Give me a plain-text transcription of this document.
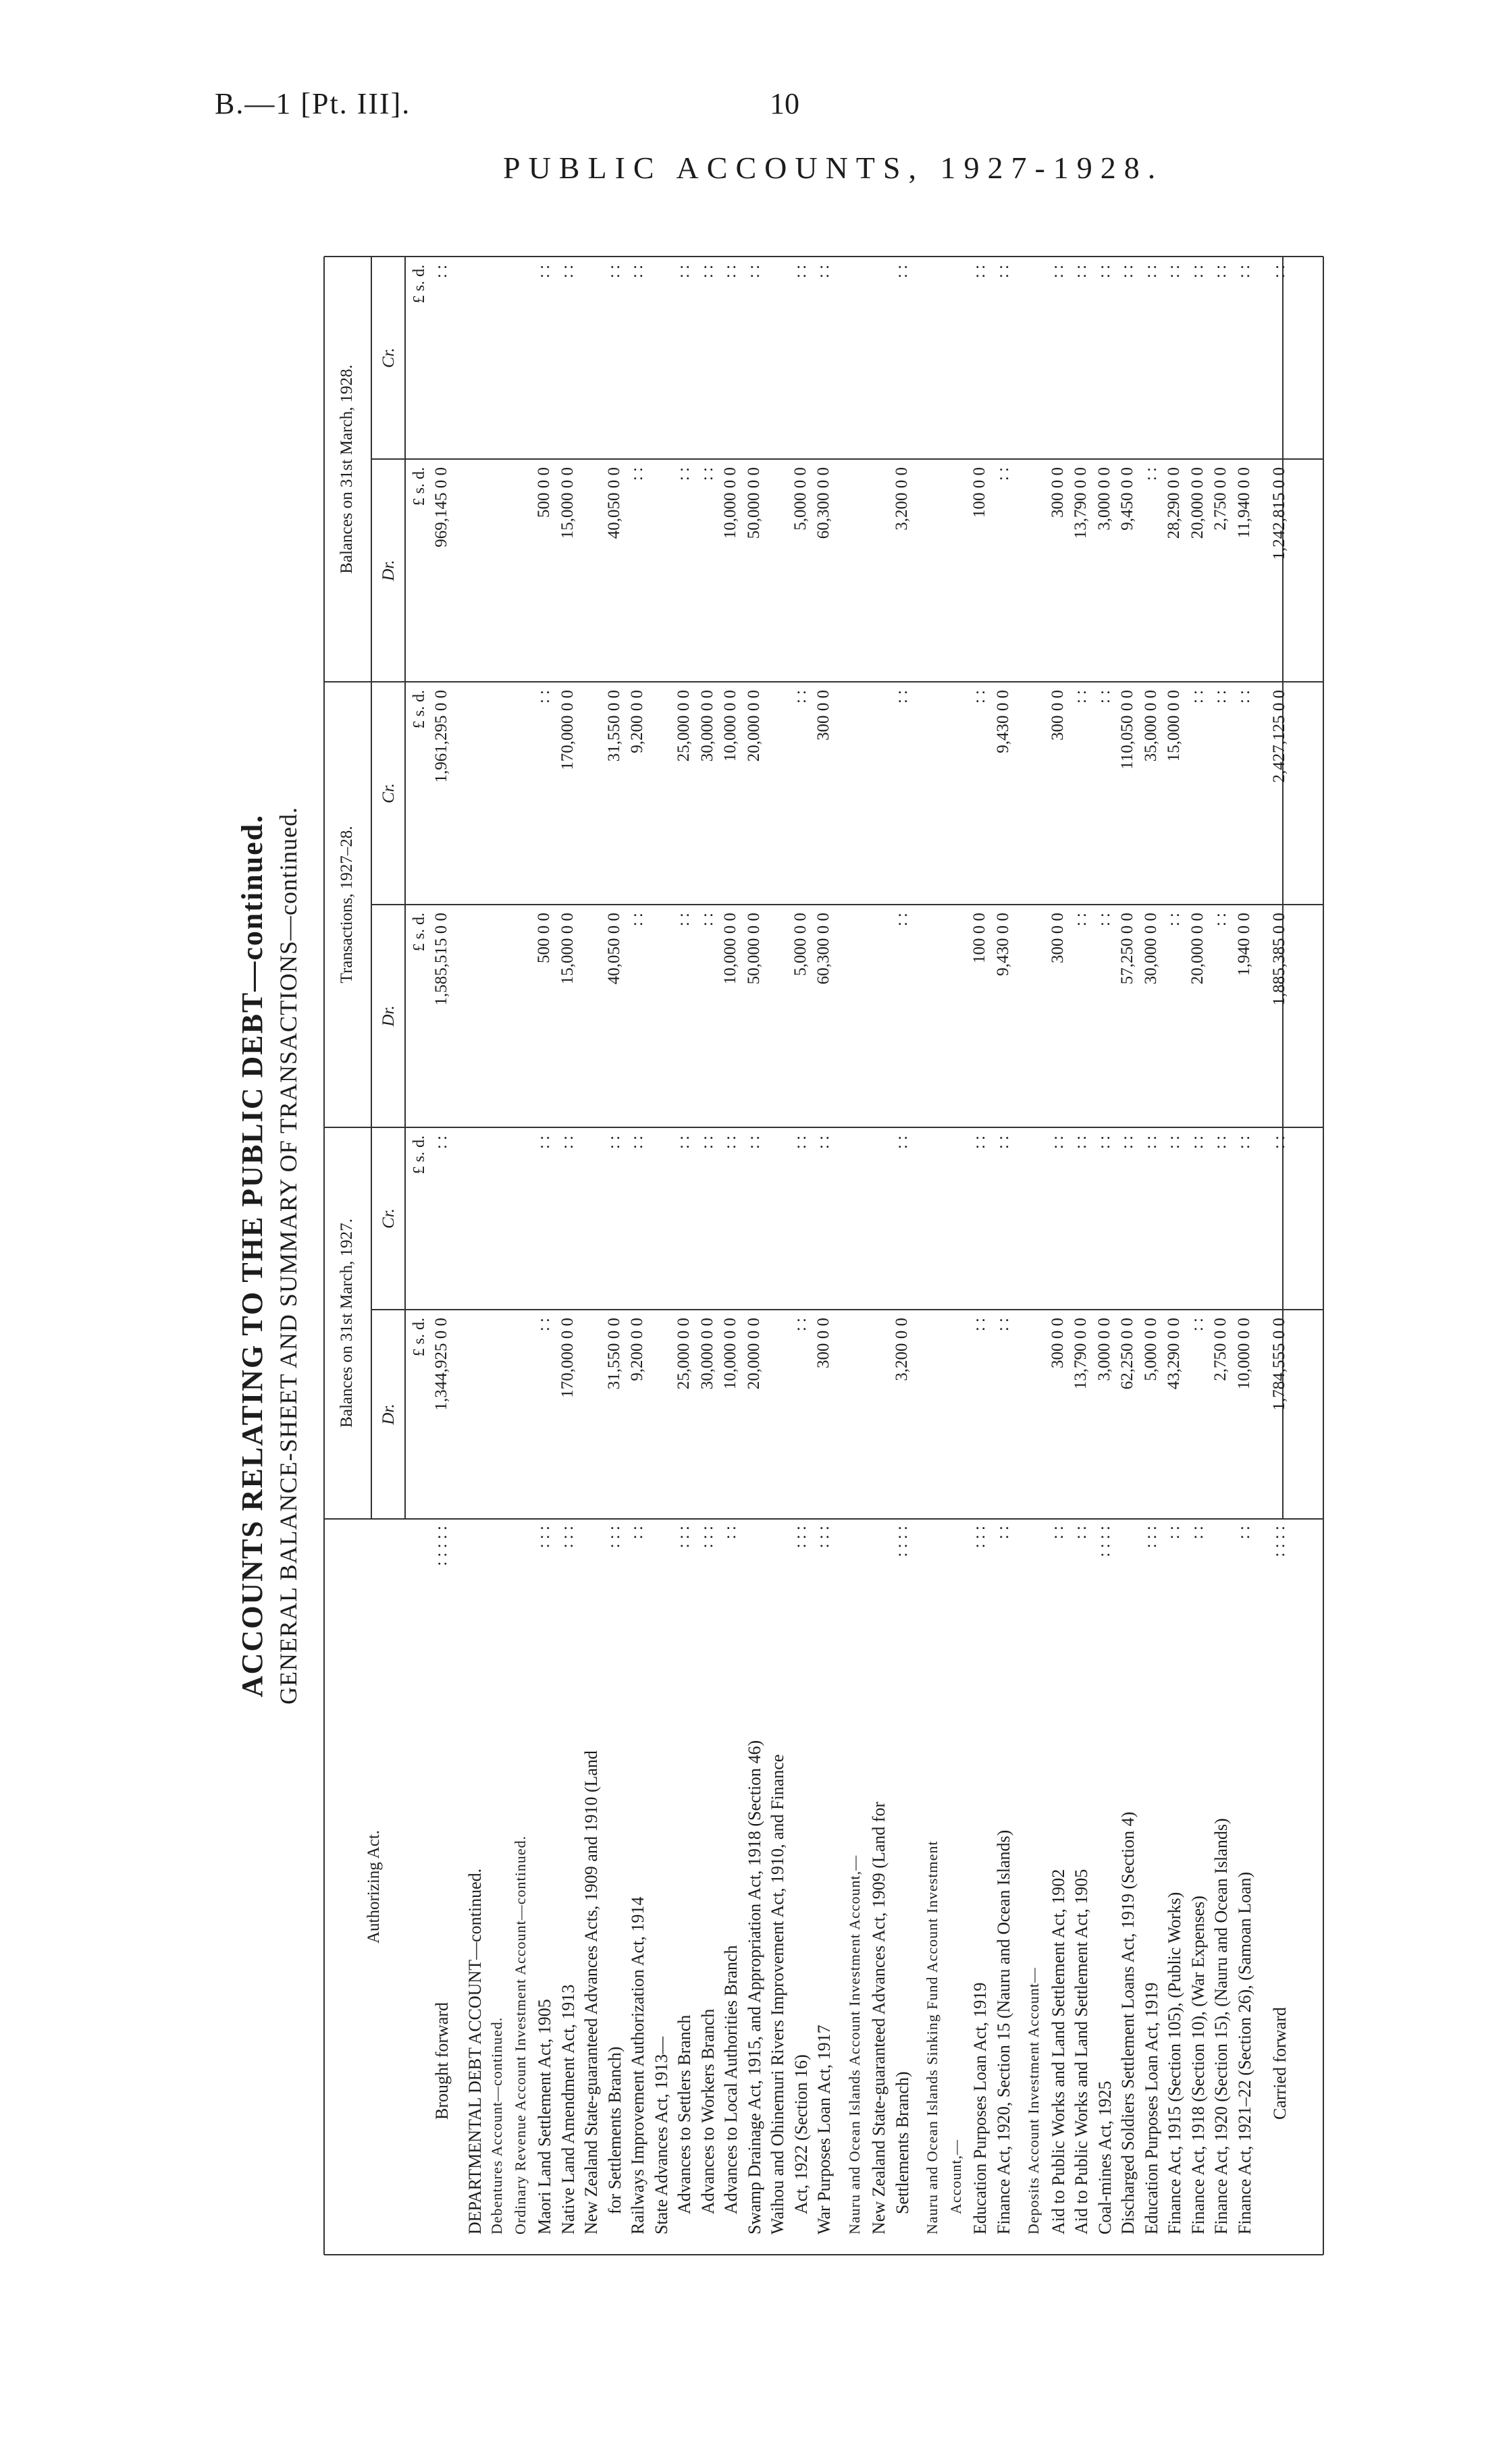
B.—1 [Pt. III].	10
PUBLIC ACCOUNTS, 1927-1928.
ACCOUNTS RELATING TO THE PUBLIC DEBT—continued. GENERAL BALANCE-SHEET AND SUMMARY OF TRANSACTIONS—continued.
Authorizing Act.
Balances on 31st March, 1927.
Transactions, 1927–28.
Balances on 31st March, 1928.
Dr.
£ s. d.
Cr.
£ s. d.
Dr.
£ s. d.
Cr.
£ s. d.
Dr.
£ s. d.
Cr.
£ s. d.
Brought forward
: : : : :
1,344,925 0 0
: :
1,585,515 0 0
1,961,295 0 0
969,145 0 0
: :
DEPARTMENTAL DEBT ACCOUNT—continued. Debentures Account—continued. Ordinary Revenue Account Investment Account—continued. Maori Land Settlement Act, 1905
: : :
: :
: :
500 0 0
: :
500 0 0
: :
Native Land Amendment Act, 1913
: : :
170,000 0 0
: :
15,000 0 0
170,000 0 0
15,000 0 0
: :
New Zealand State-guaranteed Advances Acts, 1909 and 1910 (Land for Settlements Branch)
: : :
31,550 0 0
: :
40,050 0 0
31,550 0 0
40,050 0 0
: :
Railways Improvement Authorization Act, 1914
: :
9,200 0 0
: :
: :
9,200 0 0
: :
: :
State Advances Act, 1913— Advances to Settlers Branch
: : :
25,000 0 0
: :
: :
25,000 0 0
: :
: :
Advances to Workers Branch
: : :
30,000 0 0
: :
: :
30,000 0 0
: :
: :
Advances to Local Authorities Branch
: :
10,000 0 0
: :
10,000 0 0
10,000 0 0
10,000 0 0
: :
Swamp Drainage Act, 1915, and Appropriation Act, 1918 (Section 46)
20,000 0 0
: :
50,000 0 0
20,000 0 0
50,000 0 0
: :
Waihou and Ohinemuri Rivers Improvement Act, 1910, and Finance Act, 1922 (Section 16)
: : :
: :
: :
5,000 0 0
: :
5,000 0 0
: :
War Purposes Loan Act, 1917
: : :
300 0 0
: :
60,300 0 0
300 0 0
60,300 0 0
: :
Nauru and Ocean Islands Account Investment Account,— New Zealand State-guaranteed Advances Act, 1909 (Land for Settlements Branch)
: : : :
3,200 0 0
: :
: :
: :
3,200 0 0
: :
Nauru and Ocean Islands Sinking Fund Account Investment Account,— Education Purposes Loan Act, 1919
: : :
: :
: :
100 0 0
: :
100 0 0
: :
Finance Act, 1920, Section 15 (Nauru and Ocean Islands)
: :
: :
: :
9,430 0 0
9,430 0 0
: :
: :
Deposits Account Investment Account— Aid to Public Works and Land Settlement Act, 1902
: :
300 0 0
: :
300 0 0
300 0 0
300 0 0
: :
Aid to Public Works and Land Settlement Act, 1905
: :
13,790 0 0
: :
: :
: :
13,790 0 0
: :
Coal-mines Act, 1925
: : : :
3,000 0 0
: :
: :
: :
3,000 0 0
: :
Discharged Soldiers Settlement Loans Act, 1919 (Section 4)
62,250 0 0
: :
57,250 0 0
110,050 0 0
9,450 0 0
: :
Education Purposes Loan Act, 1919
: : :
5,000 0 0
: :
30,000 0 0
35,000 0 0
: :
: :
Finance Act, 1915 (Section 105), (Public Works)
: :
43,290 0 0
: :
: :
15,000 0 0
28,290 0 0
: :
Finance Act, 1918 (Section 10), (War Expenses)
: :
: :
: :
20,000 0 0
: :
20,000 0 0
: :
Finance Act, 1920 (Section 15), (Nauru and Ocean Islands)
2,750 0 0
: :
: :
: :
2,750 0 0
: :
Finance Act, 1921–22 (Section 26), (Samoan Loan)
: :
10,000 0 0
: :
1,940 0 0
: :
11,940 0 0
: :
Carried forward
: : : :
1,784,555 0 0
: :
1,885,385 0 0
2,427,125 0 0
1,242,815 0 0
: :
